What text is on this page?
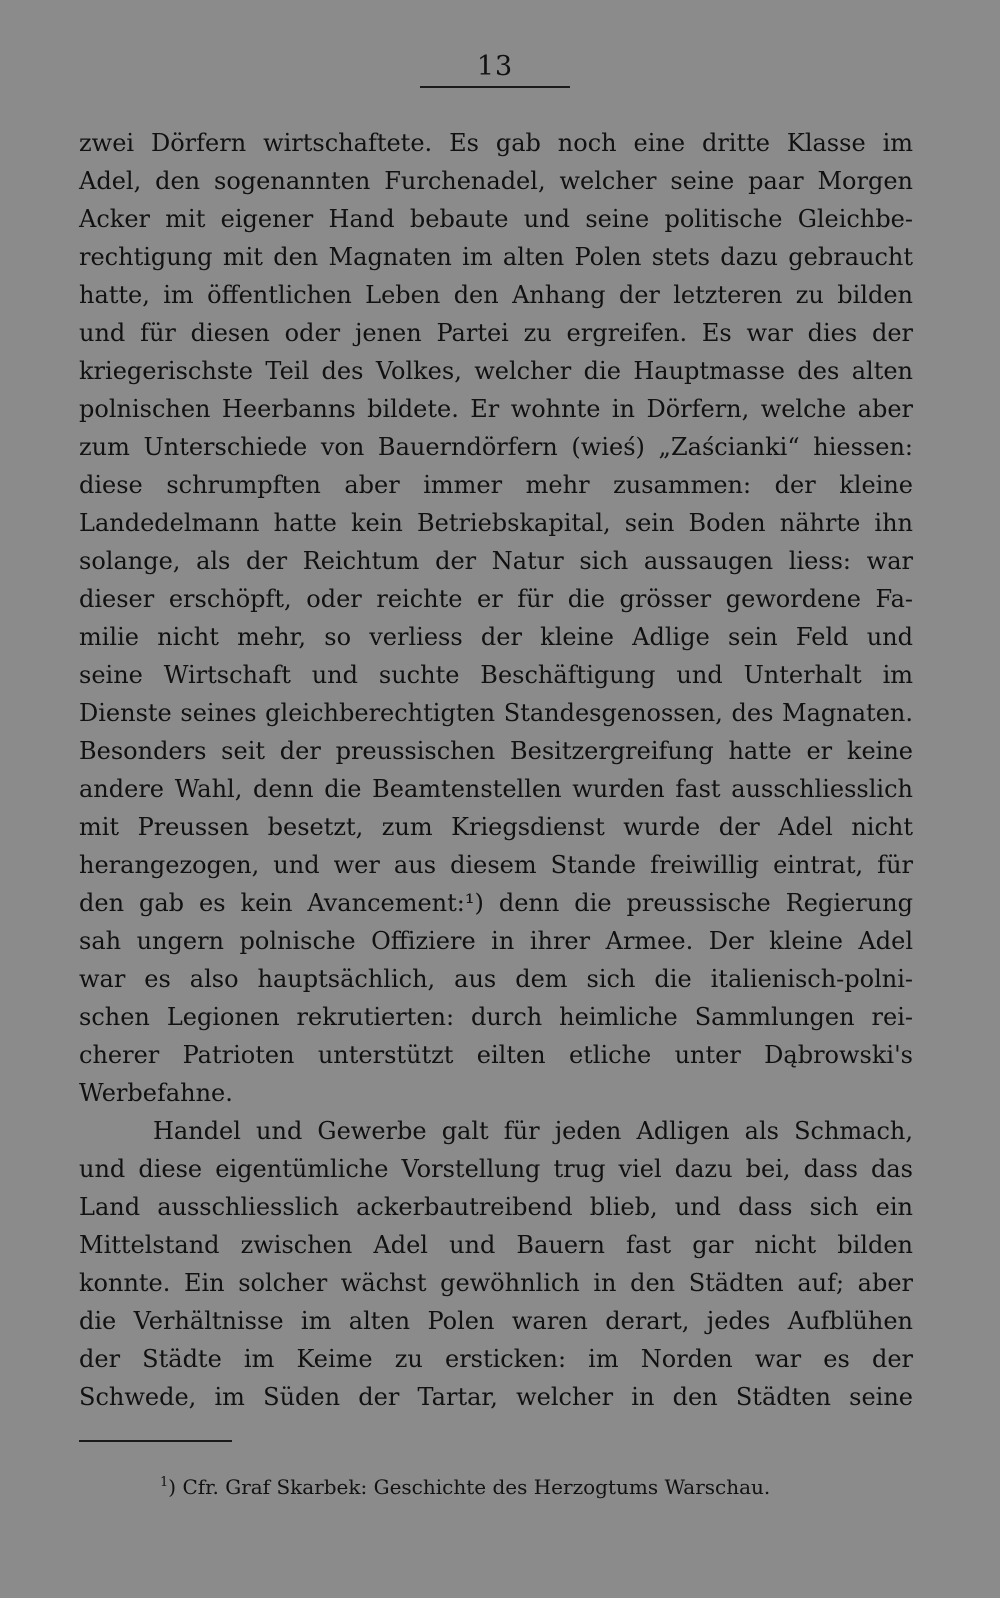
13
zwei Dörfern wirtschaftete. Es gab noch eine dritte Klasse im
Adel, den sogenannten Furchenadel, welcher seine paar Morgen
Acker mit eigener Hand bebaute und seine politische Gleichbe-
rechtigung mit den Magnaten im alten Polen stets dazu gebraucht
hatte, im öffentlichen Leben den Anhang der letzteren zu bilden
und für diesen oder jenen Partei zu ergreifen. Es war dies der
kriegerischste Teil des Volkes, welcher die Hauptmasse des alten
polnischen Heerbanns bildete. Er wohnte in Dörfern, welche aber
zum Unterschiede von Bauerndörfern (wieś) „Zaścianki“ hiessen:
diese schrumpften aber immer mehr zusammen: der kleine
Landedelmann hatte kein Betriebskapital, sein Boden nährte ihn
solange, als der Reichtum der Natur sich aussaugen liess: war
dieser erschöpft, oder reichte er für die grösser gewordene Fa-
milie nicht mehr, so verliess der kleine Adlige sein Feld und
seine Wirtschaft und suchte Beschäftigung und Unterhalt im
Dienste seines gleichberechtigten Standesgenossen, des Magnaten.
Besonders seit der preussischen Besitzergreifung hatte er keine
andere Wahl, denn die Beamtenstellen wurden fast ausschliesslich
mit Preussen besetzt, zum Kriegsdienst wurde der Adel nicht
herangezogen, und wer aus diesem Stande freiwillig eintrat, für
den gab es kein Avancement:¹) denn die preussische Regierung
sah ungern polnische Offiziere in ihrer Armee. Der kleine Adel
war es also hauptsächlich, aus dem sich die italienisch-polni-
schen Legionen rekrutierten: durch heimliche Sammlungen rei-
cherer Patrioten unterstützt eilten etliche unter Dąbrowski's
Werbefahne.
Handel und Gewerbe galt für jeden Adligen als Schmach,
und diese eigentümliche Vorstellung trug viel dazu bei, dass das
Land ausschliesslich ackerbautreibend blieb, und dass sich ein
Mittelstand zwischen Adel und Bauern fast gar nicht bilden
konnte. Ein solcher wächst gewöhnlich in den Städten auf; aber
die Verhältnisse im alten Polen waren derart, jedes Aufblühen
der Städte im Keime zu ersticken: im Norden war es der
Schwede, im Süden der Tartar, welcher in den Städten seine
$^1$) Cfr. Graf Skarbek: Geschichte des Herzogtums Warschau.
